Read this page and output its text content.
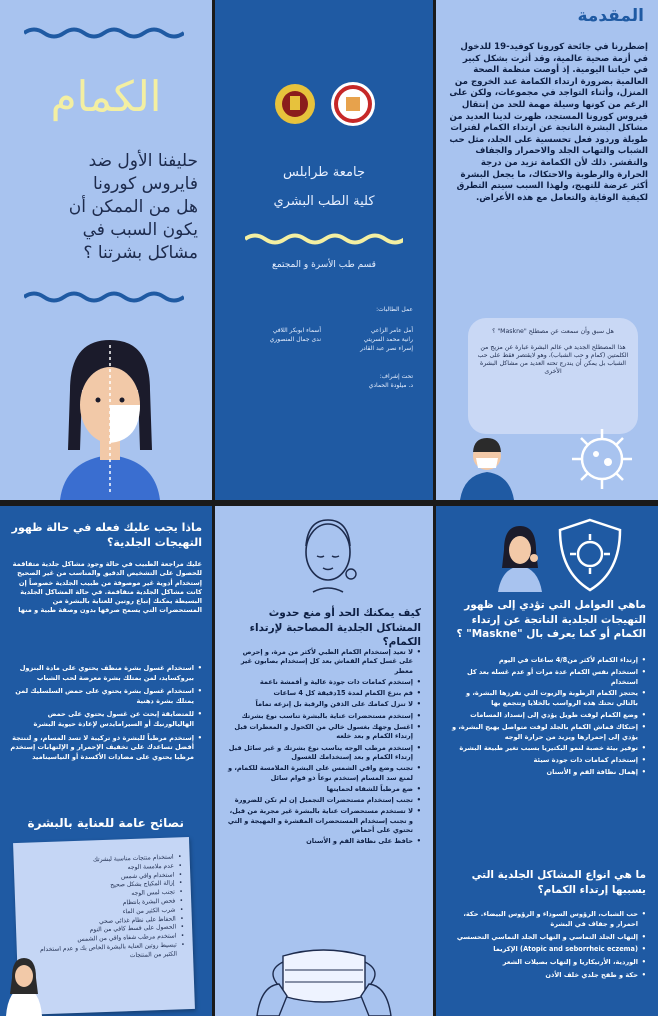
الكمام
حليفنا الأول ضد
فايروس كورونا
هل من الممكن أن
يكون السبب في
مشاكل بشرتنا ؟
جامعة طرابلس
كلية الطب البشري
قسم طب الأسرة و المجتمع
عمل الطالبات:
أمل عامر الزاعي
أسماء ابوبكر اللافي
رانية محمد السريتي
ندى جمال المنصوري
إسراء نصر عبد القادر
تحت إشراف:
د. ميلودة الحمادي
المقدمة
إضطررنا في جائحة كورونا كوفيد-19 للدخول في أزمة صحية عالمية، وقد أثرت بشكل كبير في حياتنا اليومية. إذ أوصت منظمة الصحة العالمية بضرورة ارتداء الكمامة عند الخروج من المنزل، وأثناء التواجد في مجموعات، ولكن على الرغم من كونها وسيلة مهمة للحد من إنتقال فيروس كورونا المستجد، ظهرت لدينا العديد من مشاكل البشرة الناتجة عن ارتداء الكمام لفترات طويلة وردود فعل تحسسية على الجلد، مثل حب الشباب والتهاب الجلد والاحمرار والجفاف والتقشر. ذلك لأن الكمامة تزيد من درجة الحرارة والرطوبة والاحتكاك، ما يجعل البشرة أكثر عرضة للتهيج، ولهذا السبب سيتم التطرق لكيفية الوقاية والتعامل مع هذه الأعراض.
هل سبق وأن سمعت عن مصطلح "Maskne" ؟
هذا المصطلح الجديد في عالم البشرة عبارة عن مزيج من الكلمتين (كمام و حب الشباب)، وهو لايقتصر فقط على حب الشباب بل يمكن أن يندرج تحته العديد من مشاكل البشرة الأخرى
ماذا يجب عليك فعله في حالة ظهور التهيجات الجلدية؟
عليك مراجعة الطبيب في حالة وجود مشاكل جلدية متفاقمة للحصول على التشخيص الدقيق والمناسب من غير الصحيح إستخدام أدوية غير موصوفة من طبيب الجلدية خصوصاً إن كانت مشاكل الجلدية متفاقمة. في حالة المشاكل الجلدية البسيطة يمكنك إتباع روتين للعناية بالبشرة من المستحضرات التي يسمح صرفها بدون وصفة طبية و منها
• استخدام غسول بشرة منظف يحتوي على مادة البنزول بيروكسايد، لمن بمتلك بشرة معرضة لحب الشباب
• استخدام غسول بشرة يحتوي على حمض السلسليك لمن يمتلك بشرة دهنية
• للمتضايقة إبحث عن غسول يحتوي على حمض الهاليالورنيك أو السيرامايدس لإعادة حيوية البشرة
• إستخدم مرطباً للبشرة ذو تركيبة لا تسد المسام، و لتنتجة أفضل تساعدك على تخفيف الإحمرار و الإلتهابات إستخدم مرطبا يحتوي على مضادات الأكسدة أو النياسيناميد
نصائح عامة للعناية بالبشرة
• استخدام منتجات مناسبة لبشرتك
• عدم ملامسة الوجه
• استخدام واقي شمس
• إزالة المكياج بشكل صحيح
• تجنب لمس الوجه
• فحص البشرة بانتظام
• شرب الكثير من الماء
• الحفاظ على نظام غذائي صحي
• الحصول على قسط كافي من النوم
• استخدم مرطب شفاه واقي من الشمس
• تبسيط روتين العناية بالبشرة الخاص بك و عدم استخدام الكثير من المنتجات
كيف يمكنك الحد أو منع حدوث المشاكل الجلدية المصاحبة لإرتداء الكمام؟
• لا تعيد إستخدام الكمام الطبي لأكثر من مرة، و إحرص على غسل كمام القماش بعد كل إستخدام بصابون غير معطر
• إستخدم كمامات ذات جودة عالية و أقمشة ناعمة
• قم بنزع الكمام لمدة 15دقيقة كل 4 ساعات
• لا تنزل كمامك على الذقن والرقبة بل إنزعه تماماً
• إستخدم مستحضرات عناية بالبشرة تناسب نوع بشرتك
• اغسل وجهك بغسول خالي من الكحول و المعطرات قبل إرتداء الكمام و بعد خلعه
• إستخدم مرطب الوجه يناسب نوع بشرتك و غير سائل قبل إرتداء الكمام و بعد إستخدامك للغسول
• تجنب وضع واقي الشمس على البشرة الملامسة للكمام، و لمنع سد المسام إستخدم نوعاً ذو قوام سائل
• ضع مرطباً للشفاه لحمايتها
• تجنب إستخدام مستحضرات التجميل إن لم تكن للضرورة
• لا تستخدم مستحضرات عناية بالبشرة غير مجربة من قبل، و تجنب إستخدام المستحضرات المقشرة و المهيجة و التي تحتوي على أحماض
• حافظ على نظافة الفم و الأسنان
ماهي العوامل التي تؤدي إلى ظهور التهيجات الجلدية الناتجة عن إرتداء الكمام أو كما يعرف بال "Maskne" ؟
• إرتداء الكمام لأكثر من4/8 ساعات في اليوم
• استخدام نفس الكمام عدة مرات أو عدم غسله بعد كل استخدام
• يحتجز الكمام الرطوبة والزيوت التي تفرزها البشرة، و بالتالي تحتك هذه الرواسب بالخلايا وتتجمع بها
• وضع الكمام لوقت طويل يؤدي إلى إنسداد المسامات
• إحتكاك قماش الكمام بالجلد لوقت متواصل يهيج البشرة، و يؤدي إلى إحمرارها ويزيد من حرارة الوجه
• توفير بيئة خصبة لنمو البكتيريا بسبب تغير طبيعة البشرة
• إستخدام كمامات ذات جودة سيئة
• إهمال نظافة الفم و الأسنان
ما هي انواع المشاكل الجلدية التي يسببها إرتداء الكمام؟
• حب الشباب، الرؤوس السوداء و الرؤوس البيضاء. حكة، احمرار و جفاف في البشرة
• إلتهاب الجلد التماسي و التهاب الجلد التماسي التحسسي
• (Atopic and seborrheic eczema) الإكزيما
• الوردية، الأرتيكاريا و إلتهاب بصيلات الشعر
• حكة و طفح جلدي خلف الأذن
